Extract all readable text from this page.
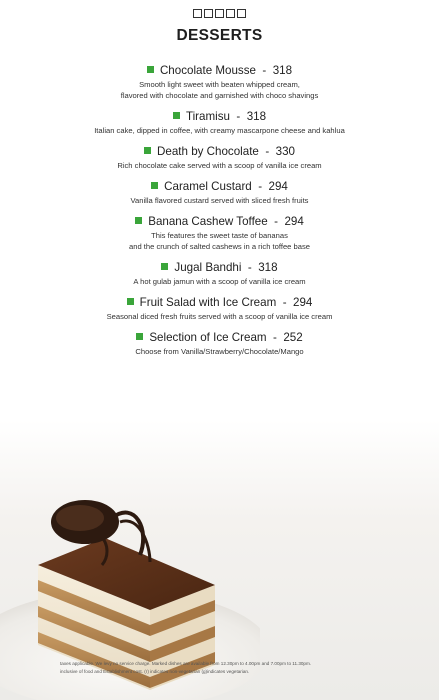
DESSERTS
Chocolate Mousse  -  318
Smooth light sweet with beaten whipped cream,
flavored with chocolate and garnished with choco shavings
Tiramisu  -  318
Italian cake, dipped in coffee, with creamy mascarpone cheese and kahlua
Death by Chocolate  -  330
Rich chocolate cake served with a scoop of vanilla ice cream
Caramel Custard  -  294
Vanilla flavored custard served with sliced fresh fruits
Banana Cashew Toffee  -  294
This features the sweet taste of bananas
and the crunch of salted cashews in a rich toffee base
Jugal Bandhi  -  318
A hot gulab jamun with a scoop of vanilla ice cream
Fruit Salad with Ice Cream  -  294
Seasonal diced fresh fruits served with a scoop of vanilla ice cream
Selection of Ice Cream  -  252
Choose from Vanilla/Strawberry/Chocolate/Mango
taxes applicable. We levy no service charge. Marked dishes are available from 12.30pm to 4.00pm and 7.00pm to 11.30pm.
inclusive of food and Establishment cost. (r) indicates non-vegetarian (g)indicates vegetarian.
